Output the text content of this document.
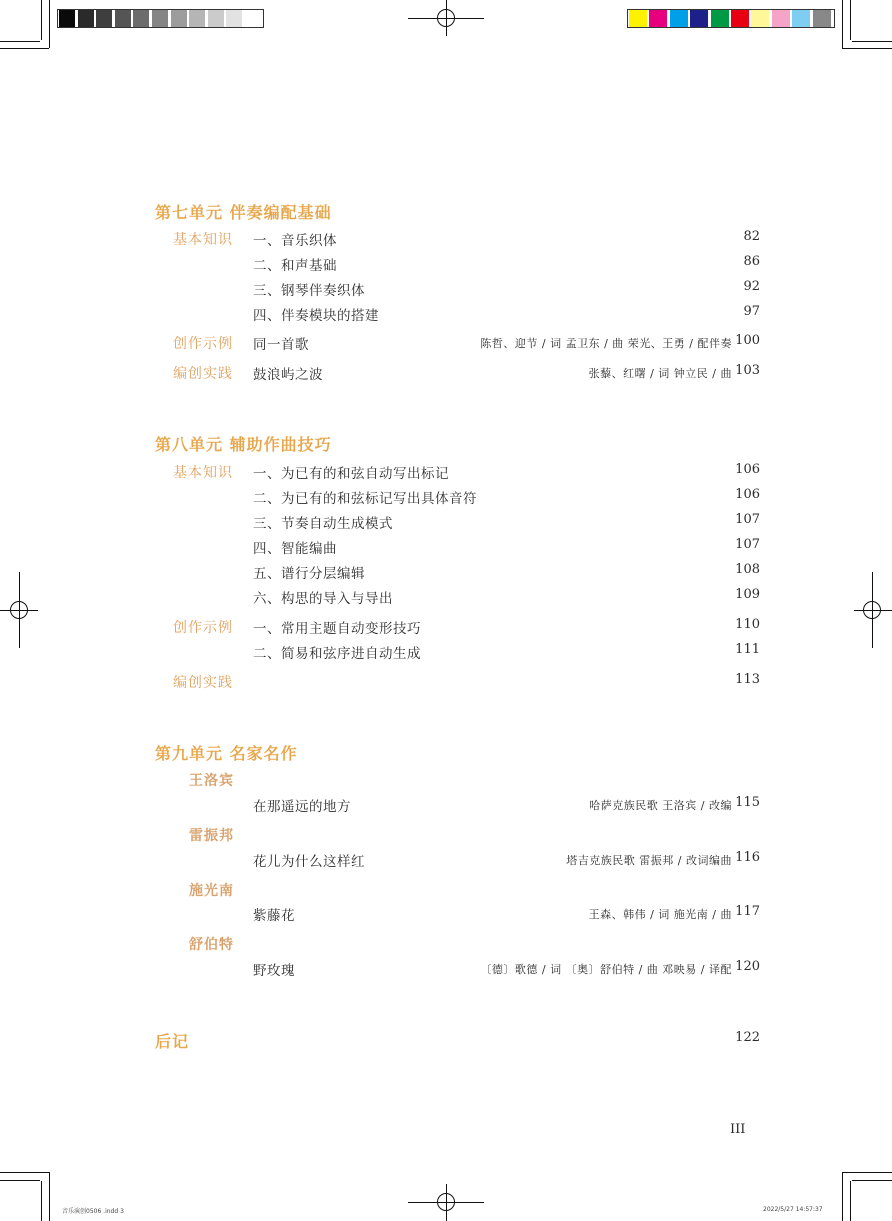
第七单元 伴奏编配基础
基本知识 一、音乐织体	82
二、和声基础	86
三、钢琴伴奏织体	92
四、伴奏模块的搭建	97
创作示例 同一首歌	陈哲、迎节 / 词 孟卫东 / 曲 荣光、王勇 / 配伴奏 100
编创实践 鼓浪屿之波	张藜、红曙 / 词 钟立民 / 曲 103
第八单元 辅助作曲技巧
基本知识 一、为已有的和弦自动写出标记	106
二、为已有的和弦标记写出具体音符	106
三、节奏自动生成模式	107
四、智能编曲	107
五、谱行分层编辑	108
六、构思的导入与导出	109
创作示例 一、常用主题自动变形技巧	110
二、简易和弦序进自动生成	111
编创实践	113
第九单元 名家名作
王洛宾
在那遥远的地方	哈萨克族民歌 王洛宾 / 改编 115
雷振邦
花儿为什么这样红	塔吉克族民歌 雷振邦 / 改词编曲 116
施光南
紫藤花	王森、韩伟 / 词 施光南 / 曲 117
舒伯特
野玫瑰	〔德〕歌德 / 词 〔奥〕舒伯特 / 曲 邓映易 / 译配 120
后记	122
III
音乐演创0506 .indd 3	2022/5/27 14:57:37
